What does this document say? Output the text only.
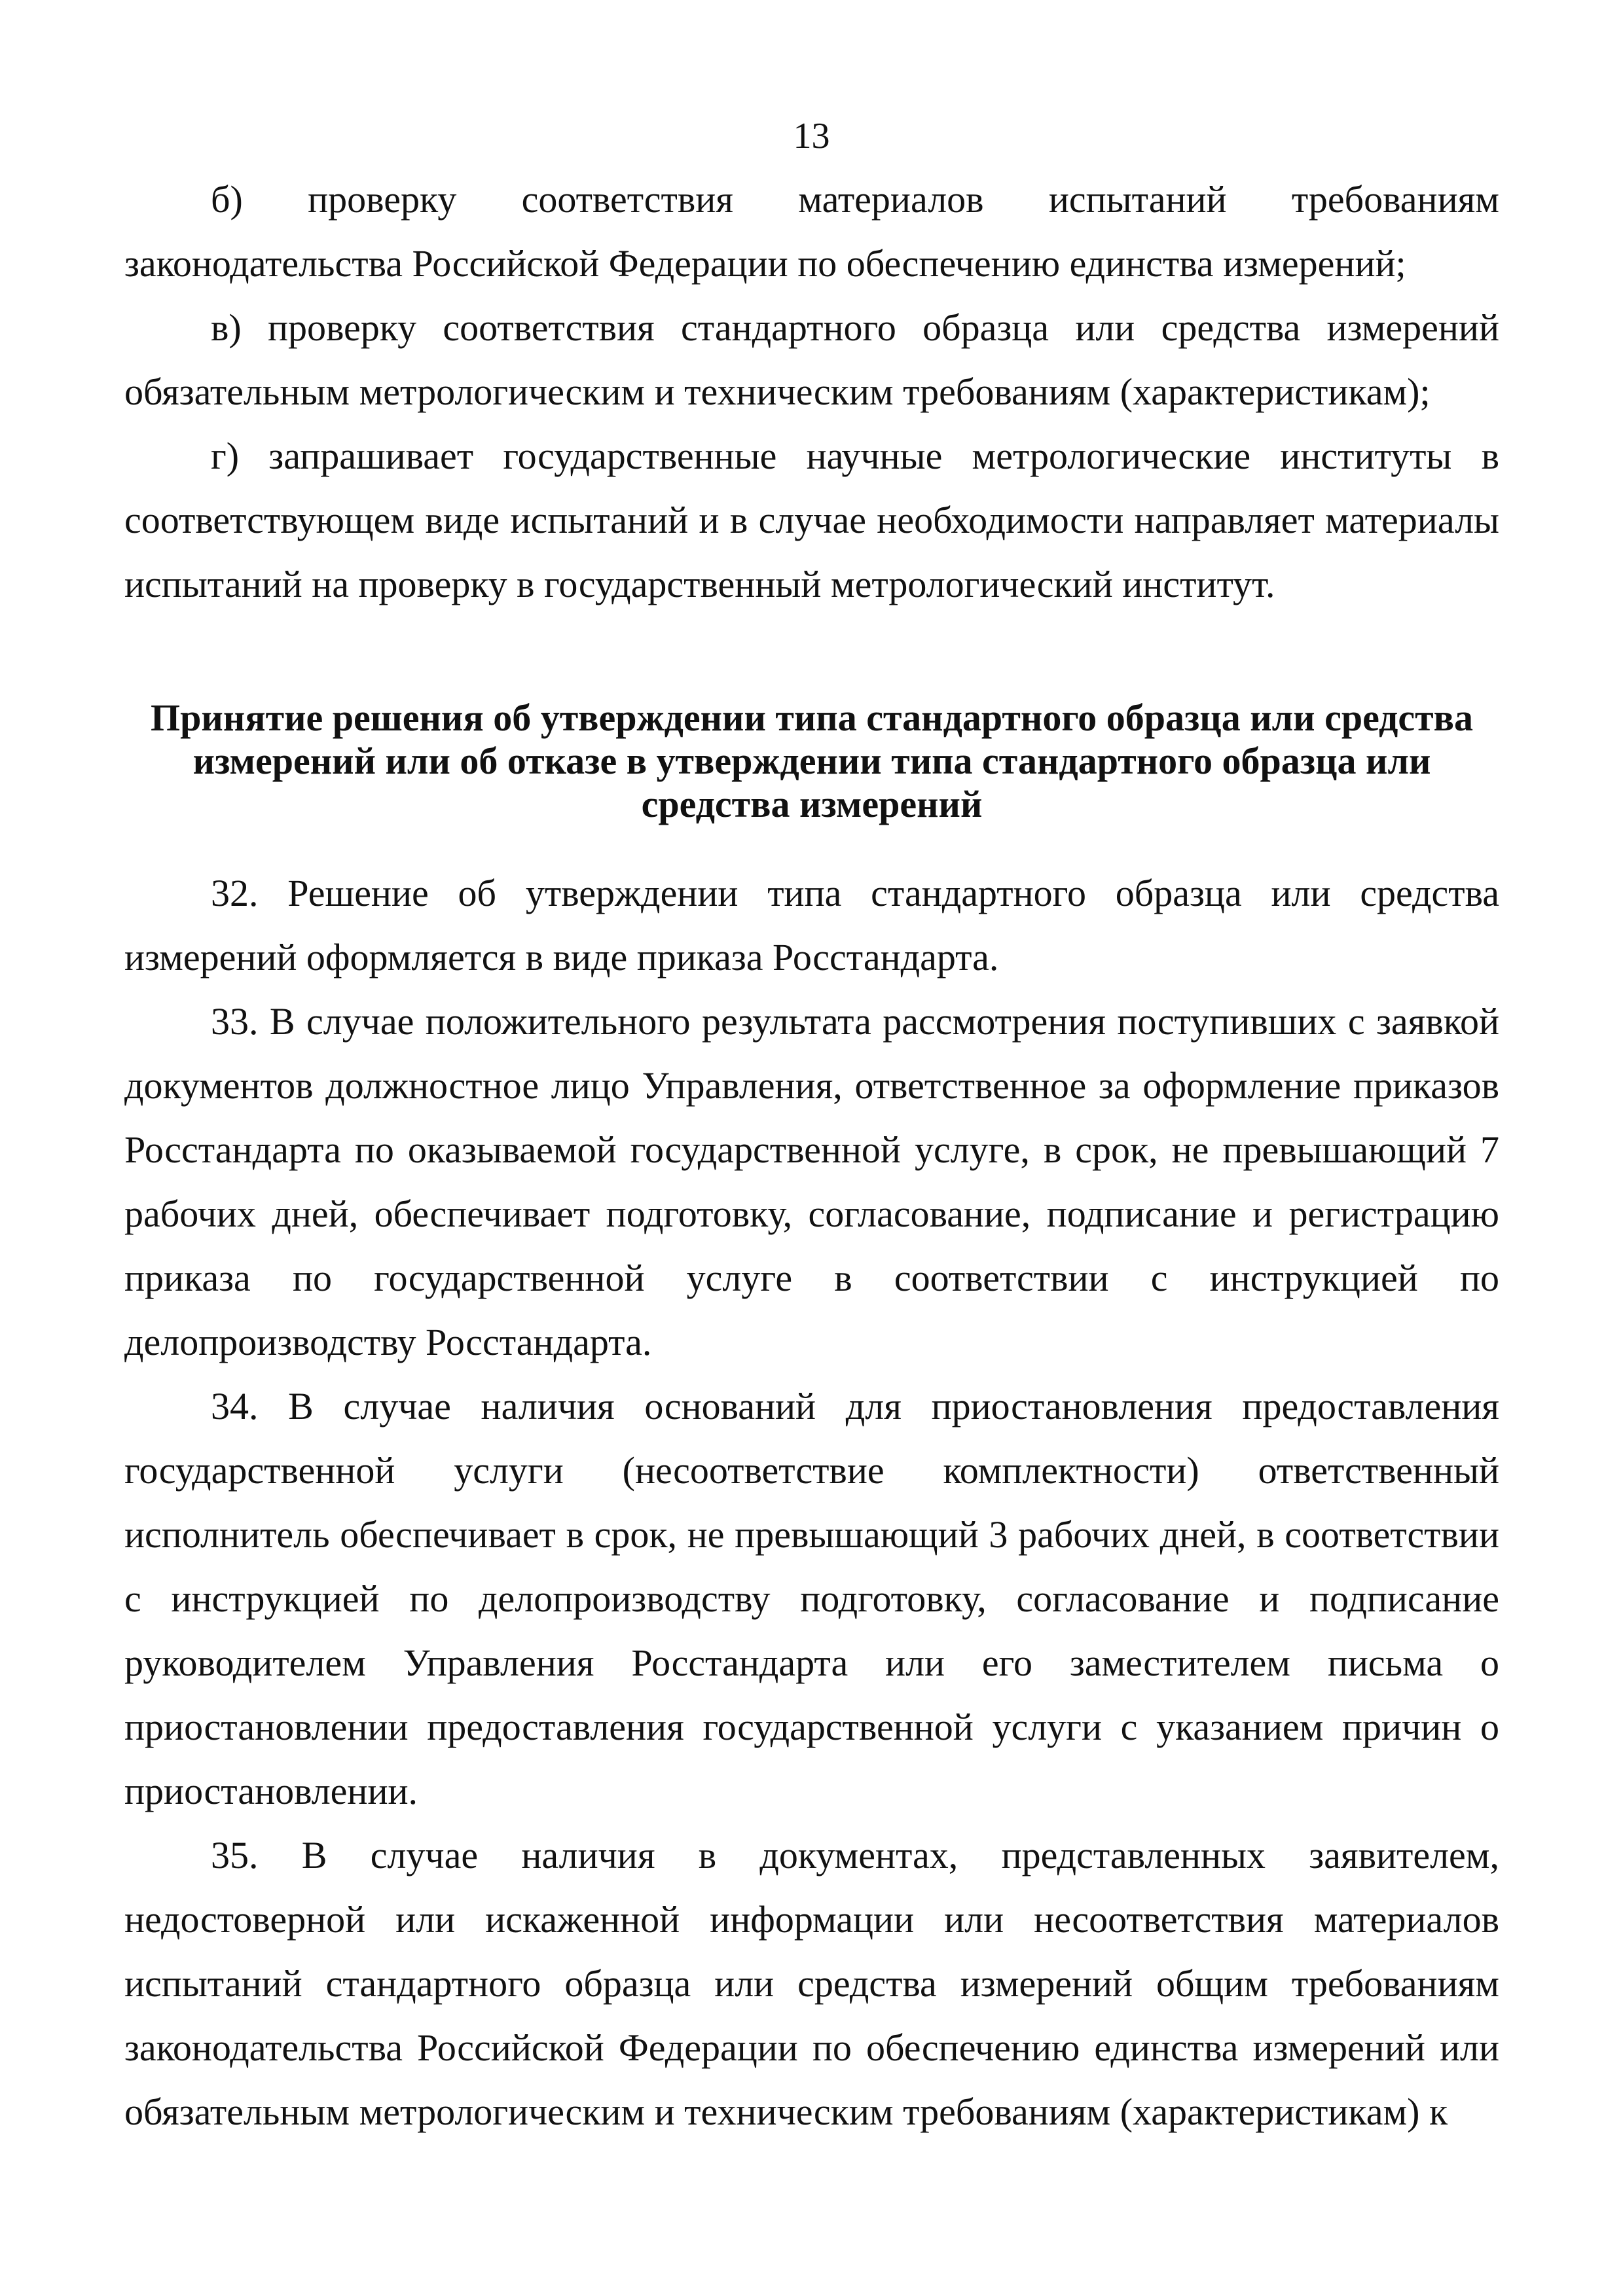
13

б) проверку соответствия материалов испытаний требованиям законодательства Российской Федерации по обеспечению единства измерений;

в) проверку соответствия стандартного образца или средства измерений обязательным метрологическим и техническим требованиям (характеристикам);

г) запрашивает государственные научные метрологические институты в соответствующем виде испытаний и в случае необходимости направляет материалы испытаний на проверку в государственный метрологический институт.

Принятие решения об утверждении типа стандартного образца или средства измерений или об отказе в утверждении типа стандартного образца или средства измерений

32. Решение об утверждении типа стандартного образца или средства измерений оформляется в виде приказа Росстандарта.

33. В случае положительного результата рассмотрения поступивших с заявкой документов должностное лицо Управления, ответственное за оформление приказов Росстандарта по оказываемой государственной услуге, в срок, не превышающий 7 рабочих дней, обеспечивает подготовку, согласование, подписание и регистрацию приказа по государственной услуге в соответствии с инструкцией по делопроизводству Росстандарта.

34. В случае наличия оснований для приостановления предоставления государственной услуги (несоответствие комплектности) ответственный исполнитель обеспечивает в срок, не превышающий 3 рабочих дней, в соответствии с инструкцией по делопроизводству подготовку, согласование и подписание руководителем Управления Росстандарта или его заместителем письма о приостановлении предоставления государственной услуги с указанием причин о приостановлении.

35. В случае наличия в документах, представленных заявителем, недостоверной или искаженной информации или несоответствия материалов испытаний стандартного образца или средства измерений общим требованиям законодательства Российской Федерации по обеспечению единства измерений или обязательным метрологическим и техническим требованиям (характеристикам) к
